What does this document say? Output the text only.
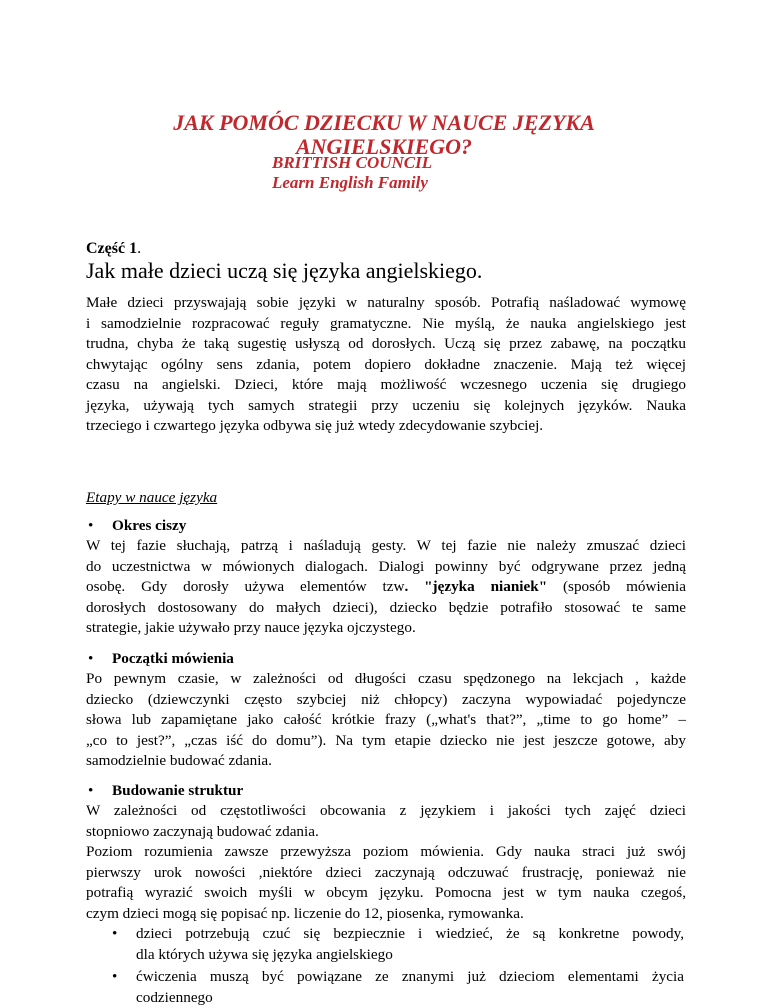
JAK POMÓC DZIECKU W NAUCE JĘZYKA
ANGIELSKIEGO?
BRITTISH COUNCIL
Learn English Family
Część 1.
Jak małe dzieci uczą się języka angielskiego.
Małe dzieci przyswajają sobie języki w naturalny sposób. Potrafią naśladować wymowę
i samodzielnie rozpracować reguły gramatyczne. Nie myślą, że nauka angielskiego jest
trudna, chyba że taką sugestię usłyszą od dorosłych. Uczą się przez zabawę, na początku
chwytając ogólny sens zdania, potem dopiero dokładne znaczenie. Mają też więcej
czasu na angielski. Dzieci, które mają możliwość wczesnego uczenia się drugiego
języka, używają tych samych strategii przy uczeniu się kolejnych języków. Nauka
trzeciego i czwartego języka odbywa się już wtedy zdecydowanie szybciej.
Etapy w nauce języka
• Okres ciszy
W tej fazie słuchają, patrzą i naśladują gesty. W tej fazie nie należy zmuszać dzieci
do uczestnictwa w mówionych dialogach. Dialogi powinny być odgrywane przez jedną
osobę. Gdy dorosły używa elementów tzw. "języka nianiek" (sposób mówienia
dorosłych dostosowany do małych dzieci), dziecko będzie potrafiło stosować te same
strategie, jakie używało przy nauce języka ojczystego.
• Początki mówienia
Po pewnym czasie, w zależności od długości czasu spędzonego na lekcjach , każde
dziecko (dziewczynki często szybciej niż chłopcy) zaczyna wypowiadać pojedyncze
słowa lub zapamiętane jako całość krótkie frazy („what's that?”, „time to go home” –
„co to jest?”, „czas iść do domu”). Na tym etapie dziecko nie jest jeszcze gotowe, aby
samodzielnie budować zdania.
• Budowanie struktur
W zależności od częstotliwości obcowania z językiem i jakości tych zajęć dzieci
stopniowo zaczynają budować zdania.
Poziom rozumienia zawsze przewyższa poziom mówienia. Gdy nauka straci już swój
pierwszy urok nowości ,niektóre dzieci zaczynają odczuwać frustrację, ponieważ nie
potrafią wyrazić swoich myśli w obcym języku. Pomocna jest w tym nauka czegoś,
czym dzieci mogą się popisać np. liczenie do 12, piosenka, rymowanka.
• dzieci potrzebują czuć się bezpiecznie i wiedzieć, że są konkretne powody,
dla których używa się języka angielskiego
• ćwiczenia muszą być powiązane ze znanymi już dzieciom elementami życia
codziennego
